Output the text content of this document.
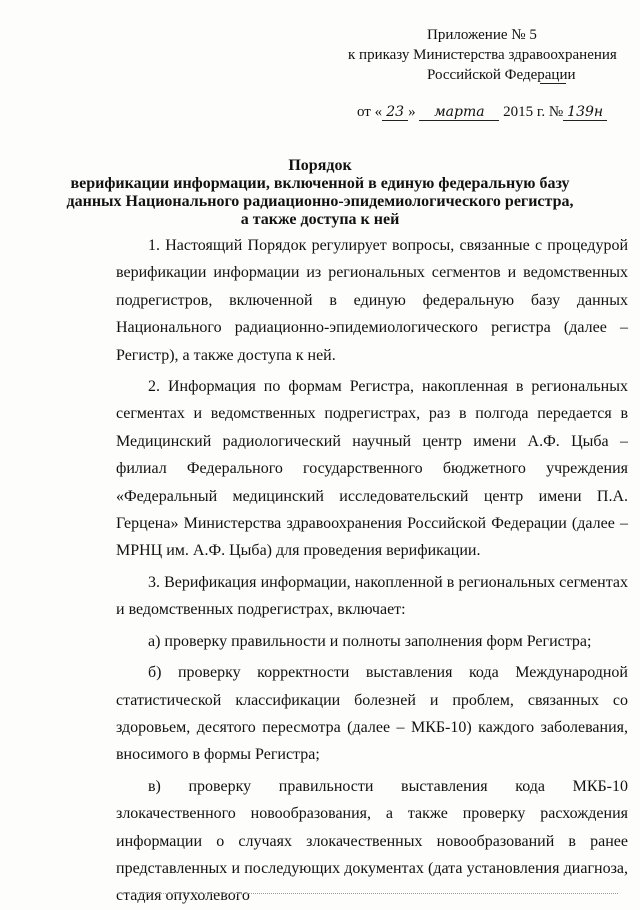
Приложение № 5
к приказу Министерства здравоохранения
Российской Федерации
от « 23 » марта 2015 г. № 139н
Порядок
верификации информации, включенной в единую федеральную базу
данных Национального радиационно-эпидемиологического регистра,
а также доступа к ней

1. Настоящий Порядок регулирует вопросы, связанные с процедурой верификации информации из региональных сегментов и ведомственных подрегистров, включенной в единую федеральную базу данных Национального радиационно-эпидемиологического регистра (далее – Регистр), а также доступа к ней.

2. Информация по формам Регистра, накопленная в региональных сегментах и ведомственных подрегистрах, раз в полгода передается в Медицинский радиологический научный центр имени А.Ф. Цыба – филиал Федерального государственного бюджетного учреждения «Федеральный медицинский исследовательский центр имени П.А. Герцена» Министерства здравоохранения Российской Федерации (далее – МРНЦ им. А.Ф. Цыба) для проведения верификации.

3. Верификация информации, накопленной в региональных сегментах и ведомственных подрегистрах, включает:

а) проверку правильности и полноты заполнения форм Регистра;

б) проверку корректности выставления кода Международной статистической классификации болезней и проблем, связанных со здоровьем, десятого пересмотра (далее – МКБ-10) каждого заболевания, вносимого в формы Регистра;

в) проверку правильности выставления кода МКБ-10 злокачественного новообразования, а также проверку расхождения информации о случаях злокачественных новообразований в ранее представленных и последующих документах (дата установления диагноза, стадия опухолевого
